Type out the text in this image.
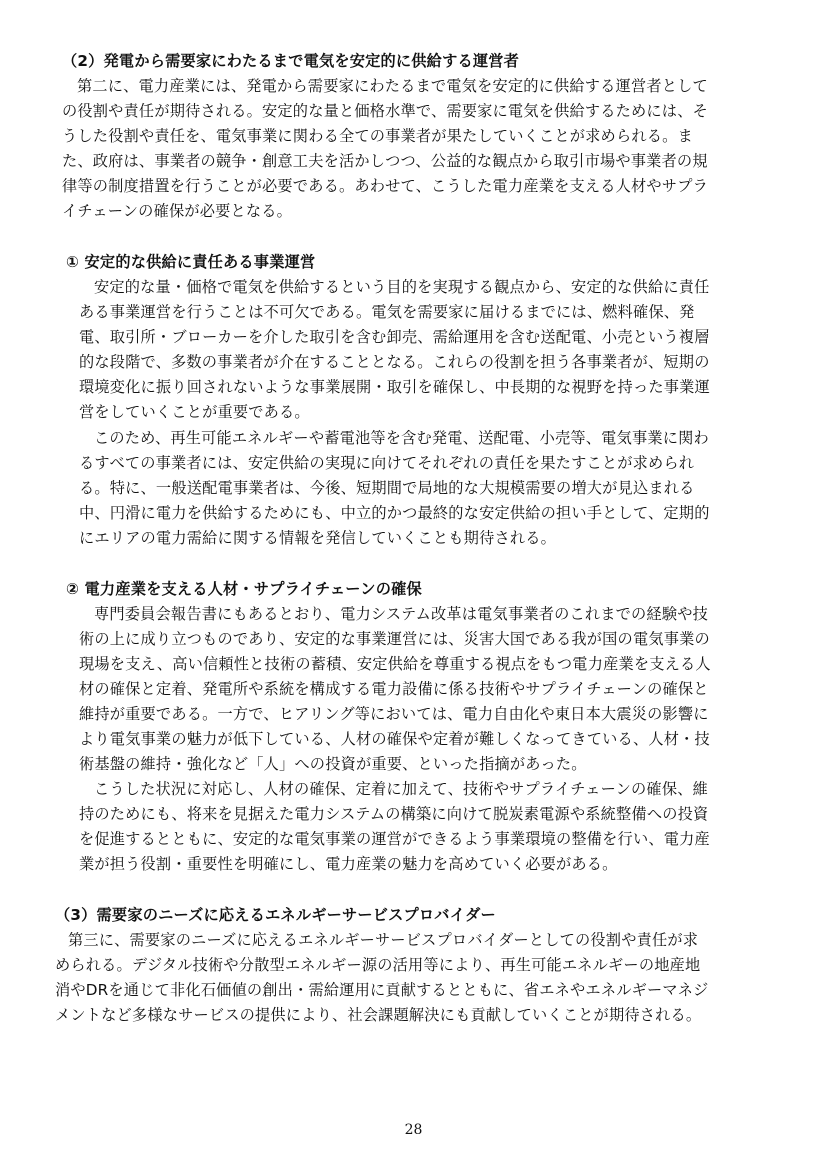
（2）発電から需要家にわたるまで電気を安定的に供給する運営者

第二に、電力産業には、発電から需要家にわたるまで電気を安定的に供給する運営者として

の役割や責任が期待される。安定的な量と価格水準で、需要家に電気を供給するためには、そ

うした役割や責任を、電気事業に関わる全ての事業者が果たしていくことが求められる。ま

た、政府は、事業者の競争・創意工夫を活かしつつ、公益的な観点から取引市場や事業者の規

律等の制度措置を行うことが必要である。あわせて、こうした電力産業を支える人材やサプラ

イチェーンの確保が必要となる。

① 安定的な供給に責任ある事業運営

安定的な量・価格で電気を供給するという目的を実現する観点から、安定的な供給に責任

ある事業運営を行うことは不可欠である。電気を需要家に届けるまでには、燃料確保、発

電、取引所・ブローカーを介した取引を含む卸売、需給運用を含む送配電、小売という複層

的な段階で、多数の事業者が介在することとなる。これらの役割を担う各事業者が、短期の

環境変化に振り回されないような事業展開・取引を確保し、中長期的な視野を持った事業運

営をしていくことが重要である。

このため、再生可能エネルギーや蓄電池等を含む発電、送配電、小売等、電気事業に関わ

るすべての事業者には、安定供給の実現に向けてそれぞれの責任を果たすことが求められ

る。特に、一般送配電事業者は、今後、短期間で局地的な大規模需要の増大が見込まれる

中、円滑に電力を供給するためにも、中立的かつ最終的な安定供給の担い手として、定期的

にエリアの電力需給に関する情報を発信していくことも期待される。

② 電力産業を支える人材・サプライチェーンの確保

専門委員会報告書にもあるとおり、電力システム改革は電気事業者のこれまでの経験や技

術の上に成り立つものであり、安定的な事業運営には、災害大国である我が国の電気事業の

現場を支え、高い信頼性と技術の蓄積、安定供給を尊重する視点をもつ電力産業を支える人

材の確保と定着、発電所や系統を構成する電力設備に係る技術やサプライチェーンの確保と

維持が重要である。一方で、ヒアリング等においては、電力自由化や東日本大震災の影響に

より電気事業の魅力が低下している、人材の確保や定着が難しくなってきている、人材・技

術基盤の維持・強化など「人」への投資が重要、といった指摘があった。

こうした状況に対応し、人材の確保、定着に加えて、技術やサプライチェーンの確保、維

持のためにも、将来を見据えた電力システムの構築に向けて脱炭素電源や系統整備への投資

を促進するとともに、安定的な電気事業の運営ができるよう事業環境の整備を行い、電力産

業が担う役割・重要性を明確にし、電力産業の魅力を高めていく必要がある。

（3）需要家のニーズに応えるエネルギーサービスプロバイダー

第三に、需要家のニーズに応えるエネルギーサービスプロバイダーとしての役割や責任が求

められる。デジタル技術や分散型エネルギー源の活用等により、再生可能エネルギーの地産地

消やDRを通じて非化石価値の創出・需給運用に貢献するとともに、省エネやエネルギーマネジ

メントなど多様なサービスの提供により、社会課題解決にも貢献していくことが期待される。

28
